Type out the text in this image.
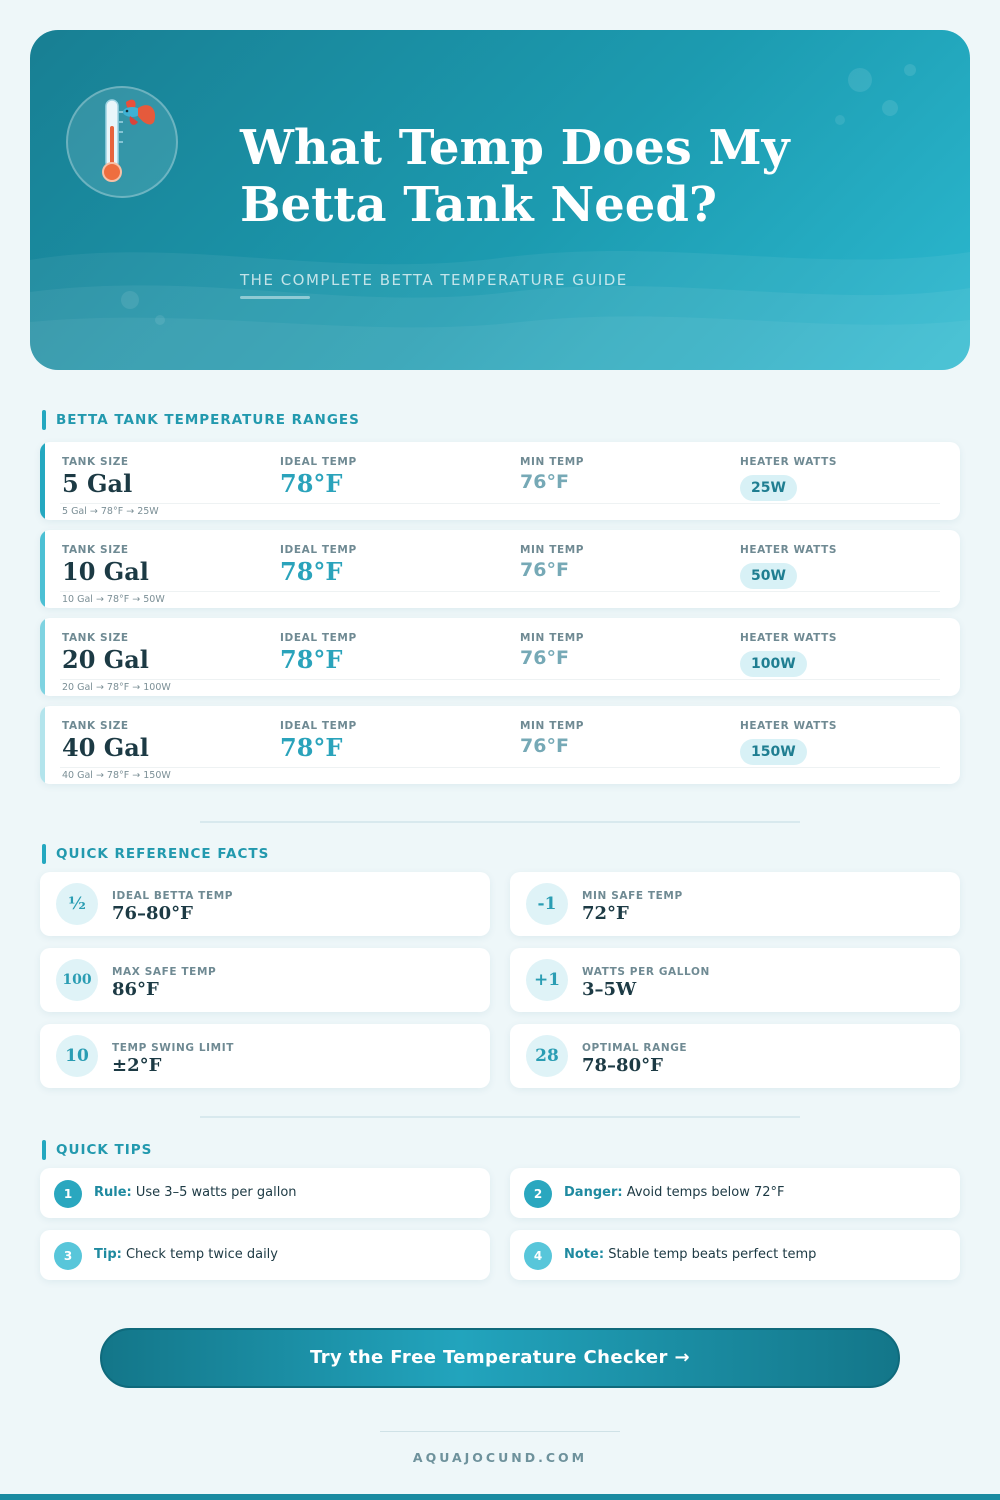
What Temp Does My
Betta Tank Need?
THE COMPLETE BETTA TEMPERATURE GUIDE
BETTA TANK TEMPERATURE RANGES
TANK SIZE
5 Gal
IDEAL TEMP
78°F
MIN TEMP
76°F
HEATER WATTS
25W
5 Gal → 78°F → 25W
TANK SIZE
10 Gal
IDEAL TEMP
78°F
MIN TEMP
76°F
HEATER WATTS
50W
10 Gal → 78°F → 50W
TANK SIZE
20 Gal
IDEAL TEMP
78°F
MIN TEMP
76°F
HEATER WATTS
100W
20 Gal → 78°F → 100W
TANK SIZE
40 Gal
IDEAL TEMP
78°F
MIN TEMP
76°F
HEATER WATTS
150W
40 Gal → 78°F → 150W
QUICK REFERENCE FACTS
½	IDEAL BETTA TEMP
76–80°F	-1	MIN SAFE TEMP
72°F
100	MAX SAFE TEMP
86°F	+1	WATTS PER GALLON
3–5W
10	TEMP SWING LIMIT
±2°F	28	OPTIMAL RANGE
78–80°F
QUICK TIPS
1	Rule: Use 3–5 watts per gallon	2	Danger: Avoid temps below 72°F
3	Tip: Check temp twice daily	4	Note: Stable temp beats perfect temp
Try the Free Temperature Checker →
AQUAJOCUND.COM
